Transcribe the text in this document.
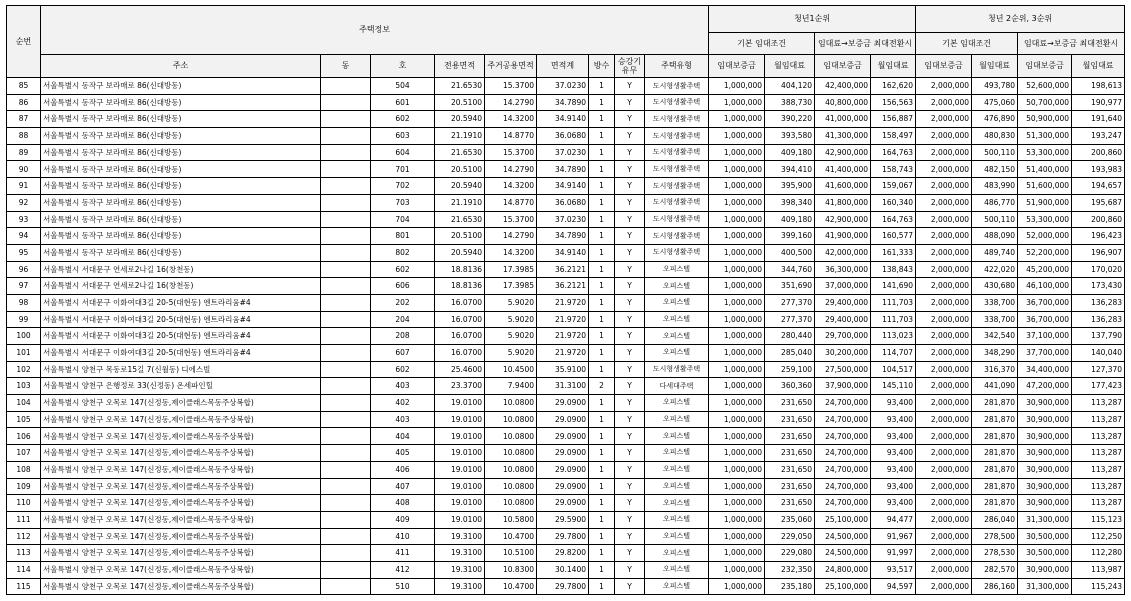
순번	주택정보									청년1순위				청년 2순위, 3순위			
										기본 임대조건		임대료→보증금 최대전환시		기본 임대조건		임대료→보증금 최대전환시	
	주소	동	호	전용면적	주거공용면적	면적계	방수	승강기유무	주택유형	임대보증금	월임대료	임대보증금	월임대료	임대보증금	월임대료	임대보증금	월임대료
85	서울특별시 동작구 보라매로 86(신대방동)		504	21.6530	15.3700	37.0230	1	Y	도시형생활주택	1,000,000	404,120	42,400,000	162,620	2,000,000	493,780	52,600,000	198,613
86	서울특별시 동작구 보라매로 86(신대방동)		601	20.5100	14.2790	34.7890	1	Y	도시형생활주택	1,000,000	388,730	40,800,000	156,563	2,000,000	475,060	50,700,000	190,977
87	서울특별시 동작구 보라매로 86(신대방동)		602	20.5940	14.3200	34.9140	1	Y	도시형생활주택	1,000,000	390,220	41,000,000	156,887	2,000,000	476,890	50,900,000	191,640
88	서울특별시 동작구 보라매로 86(신대방동)		603	21.1910	14.8770	36.0680	1	Y	도시형생활주택	1,000,000	393,580	41,300,000	158,497	2,000,000	480,830	51,300,000	193,247
89	서울특별시 동작구 보라매로 86(신대방동)		604	21.6530	15.3700	37.0230	1	Y	도시형생활주택	1,000,000	409,180	42,900,000	164,763	2,000,000	500,110	53,300,000	200,860
90	서울특별시 동작구 보라매로 86(신대방동)		701	20.5100	14.2790	34.7890	1	Y	도시형생활주택	1,000,000	394,410	41,400,000	158,743	2,000,000	482,150	51,400,000	193,983
91	서울특별시 동작구 보라매로 86(신대방동)		702	20.5940	14.3200	34.9140	1	Y	도시형생활주택	1,000,000	395,900	41,600,000	159,067	2,000,000	483,990	51,600,000	194,657
92	서울특별시 동작구 보라매로 86(신대방동)		703	21.1910	14.8770	36.0680	1	Y	도시형생활주택	1,000,000	398,340	41,800,000	160,340	2,000,000	486,770	51,900,000	195,687
93	서울특별시 동작구 보라매로 86(신대방동)		704	21.6530	15.3700	37.0230	1	Y	도시형생활주택	1,000,000	409,180	42,900,000	164,763	2,000,000	500,110	53,300,000	200,860
94	서울특별시 동작구 보라매로 86(신대방동)		801	20.5100	14.2790	34.7890	1	Y	도시형생활주택	1,000,000	399,160	41,900,000	160,577	2,000,000	488,090	52,000,000	196,423
95	서울특별시 동작구 보라매로 86(신대방동)		802	20.5940	14.3200	34.9140	1	Y	도시형생활주택	1,000,000	400,500	42,000,000	161,333	2,000,000	489,740	52,200,000	196,907
96	서울특별시 서대문구 연세로2나길 16(창천동)		602	18.8136	17.3985	36.2121	1	Y	오피스텔	1,000,000	344,760	36,300,000	138,843	2,000,000	422,020	45,200,000	170,020
97	서울특별시 서대문구 연세로2나길 16(창천동)		606	18.8136	17.3985	36.2121	1	Y	오피스텔	1,000,000	351,690	37,000,000	141,690	2,000,000	430,680	46,100,000	173,430
98	서울특별시 서대문구 이화여대3길 20-5(대현동) 엔트라리움#4		202	16.0700	5.9020	21.9720	1	Y	오피스텔	1,000,000	277,370	29,400,000	111,703	2,000,000	338,700	36,700,000	136,283
99	서울특별시 서대문구 이화여대3길 20-5(대현동) 엔트라리움#4		204	16.0700	5.9020	21.9720	1	Y	오피스텔	1,000,000	277,370	29,400,000	111,703	2,000,000	338,700	36,700,000	136,283
100	서울특별시 서대문구 이화여대3길 20-5(대현동) 엔트라리움#4		208	16.0700	5.9020	21.9720	1	Y	오피스텔	1,000,000	280,440	29,700,000	113,023	2,000,000	342,540	37,100,000	137,790
101	서울특별시 서대문구 이화여대3길 20-5(대현동) 엔트라리움#4		607	16.0700	5.9020	21.9720	1	Y	오피스텔	1,000,000	285,040	30,200,000	114,707	2,000,000	348,290	37,700,000	140,040
102	서울특별시 양천구 목동로15길 7(신월동) 디에스빌		602	25.4600	10.4500	35.9100	1	Y	도시형생활주택	1,000,000	259,100	27,500,000	104,517	2,000,000	316,370	34,400,000	127,370
103	서울특별시 양천구 은행정로 33(신정동) 온세파인힐		403	23.3700	7.9400	31.3100	2	Y	다세대주택	1,000,000	360,360	37,900,000	145,110	2,000,000	441,090	47,200,000	177,423
104	서울특별시 양천구 오목로 147(신정동,제이클래스목동주상복합)		402	19.0100	10.0800	29.0900	1	Y	오피스텔	1,000,000	231,650	24,700,000	93,400	2,000,000	281,870	30,900,000	113,287
105	서울특별시 양천구 오목로 147(신정동,제이클래스목동주상복합)		403	19.0100	10.0800	29.0900	1	Y	오피스텔	1,000,000	231,650	24,700,000	93,400	2,000,000	281,870	30,900,000	113,287
106	서울특별시 양천구 오목로 147(신정동,제이클래스목동주상복합)		404	19.0100	10.0800	29.0900	1	Y	오피스텔	1,000,000	231,650	24,700,000	93,400	2,000,000	281,870	30,900,000	113,287
107	서울특별시 양천구 오목로 147(신정동,제이클래스목동주상복합)		405	19.0100	10.0800	29.0900	1	Y	오피스텔	1,000,000	231,650	24,700,000	93,400	2,000,000	281,870	30,900,000	113,287
108	서울특별시 양천구 오목로 147(신정동,제이클래스목동주상복합)		406	19.0100	10.0800	29.0900	1	Y	오피스텔	1,000,000	231,650	24,700,000	93,400	2,000,000	281,870	30,900,000	113,287
109	서울특별시 양천구 오목로 147(신정동,제이클래스목동주상복합)		407	19.0100	10.0800	29.0900	1	Y	오피스텔	1,000,000	231,650	24,700,000	93,400	2,000,000	281,870	30,900,000	113,287
110	서울특별시 양천구 오목로 147(신정동,제이클래스목동주상복합)		408	19.0100	10.0800	29.0900	1	Y	오피스텔	1,000,000	231,650	24,700,000	93,400	2,000,000	281,870	30,900,000	113,287
111	서울특별시 양천구 오목로 147(신정동,제이클래스목동주상복합)		409	19.0100	10.5800	29.5900	1	Y	오피스텔	1,000,000	235,060	25,100,000	94,477	2,000,000	286,040	31,300,000	115,123
112	서울특별시 양천구 오목로 147(신정동,제이클래스목동주상복합)		410	19.3100	10.4700	29.7800	1	Y	오피스텔	1,000,000	229,050	24,500,000	91,967	2,000,000	278,500	30,500,000	112,250
113	서울특별시 양천구 오목로 147(신정동,제이클래스목동주상복합)		411	19.3100	10.5100	29.8200	1	Y	오피스텔	1,000,000	229,080	24,500,000	91,997	2,000,000	278,530	30,500,000	112,280
114	서울특별시 양천구 오목로 147(신정동,제이클래스목동주상복합)		412	19.3100	10.8300	30.1400	1	Y	오피스텔	1,000,000	232,350	24,800,000	93,517	2,000,000	282,570	30,900,000	113,987
115	서울특별시 양천구 오목로 147(신정동,제이클래스목동주상복합)		510	19.3100	10.4700	29.7800	1	Y	오피스텔	1,000,000	235,180	25,100,000	94,597	2,000,000	286,160	31,300,000	115,243
